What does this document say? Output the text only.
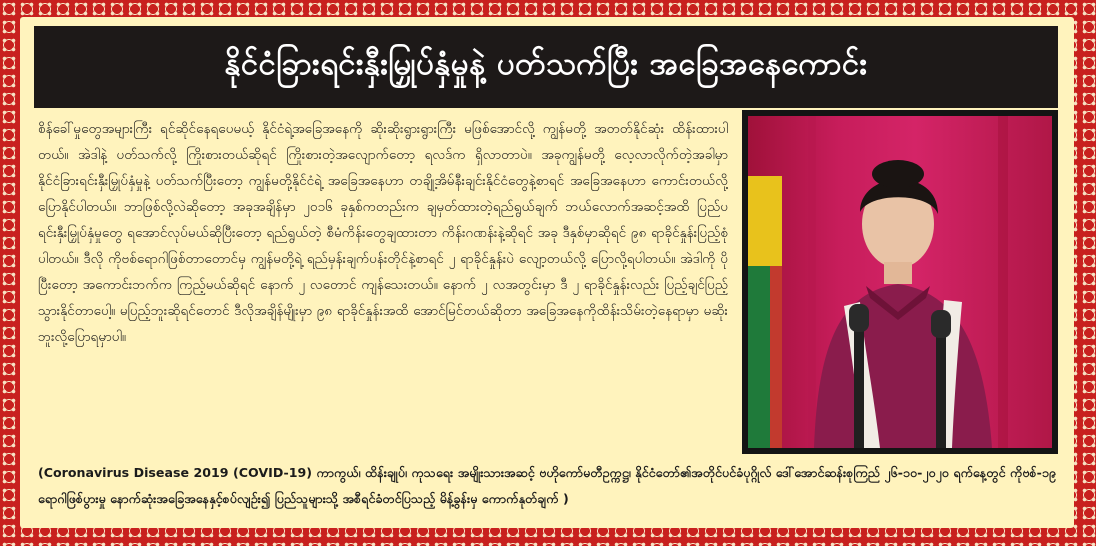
နိုင်ငံခြားရင်းနှီးမြှုပ်နှံမှုနဲ့ ပတ်သက်ပြီး အခြေအနေကောင်း

စိန်ခေါ်မှုတွေအများကြီး ရင်ဆိုင်နေရပေမယ့် နိုင်ငံရဲ့အခြေအနေကို ဆိုးဆိုးရွားရွားကြီး မဖြစ်အောင်လို့ ကျွန်မတို့ အတတ်နိုင်ဆုံး ထိန်းထားပါတယ်။ အဲဒါနဲ့ ပတ်သက်လို့ ကြိုးစားတယ်ဆိုရင် ကြိုးစားတဲ့အလျောက်တော့ ရလဒ်က ရှိလာတာပဲ။ အခုကျွန်မတို့ လေ့လာလိုက်တဲ့အခါမှာ နိုင်ငံခြားရင်းနှီးမြှုပ်နှံမှုနဲ့ ပတ်သက်ပြီးတော့ ကျွန်မတို့နိုင်ငံရဲ့ အခြေအနေဟာ တချို့အိမ်နီးချင်းနိုင်ငံတွေနဲ့စာရင် အခြေအနေဟာ ကောင်းတယ်လို့ ပြောနိုင်ပါတယ်။ ဘာဖြစ်လို့လဲဆိုတော့ အခုအချိန်မှာ ၂၀၁၆ ခုနှစ်ကတည်းက ချမှတ်ထားတဲ့ရည်ရွယ်ချက် ဘယ်လောက်အဆင့်အထိ ပြည်ပရင်းနှီးမြှုပ်နှံမှုတွေ ရအောင်လုပ်မယ်ဆိုပြီးတော့ ရည်ရွယ်တဲ့ စီမံကိန်းတွေချထားတာ ကိန်းဂဏန်းနဲ့ဆိုရင် အခု ဒီနှစ်မှာဆိုရင် ၉၈ ရာခိုင်နှုန်းပြည့်စုံပါတယ်။ ဒီလို ကိုဗစ်ရောဂါဖြစ်တာတောင်မှ ကျွန်မတို့ရဲ့ ရည်မှန်းချက်ပန်းတိုင်နဲ့စာရင် ၂ ရာခိုင်နှုန်းပဲ လျော့တယ်လို့ ပြောလို့ရပါတယ်။ အဲဒါကို ပိုပြီးတော့ အကောင်းဘက်က ကြည့်မယ်ဆိုရင် နောက် ၂ လတောင် ကျန်သေးတယ်။ နောက် ၂ လအတွင်းမှာ ဒီ ၂ ရာခိုင်နှုန်းလည်း ပြည့်ချင်ပြည့်သွားနိုင်တာပေါ့။ မပြည့်ဘူးဆိုရင်တောင် ဒီလိုအချိန်မျိုးမှာ ၉၈ ရာခိုင်နှုန်းအထိ အောင်မြင်တယ်ဆိုတာ အခြေအနေကိုထိန်းသိမ်းတဲ့နေရာမှာ မဆိုးဘူးလို့ပြောရမှာပါ။

(Coronavirus Disease 2019 (COVID-19) ကာကွယ်၊ ထိန်းချုပ်၊ ကုသရေး အမျိုးသားအဆင့် ဗဟိုကော်မတီဥက္ကဋ္ဌ၊ နိုင်ငံတော်၏အတိုင်ပင်ခံပုဂ္ဂိုလ် ဒေါ်အောင်ဆန်းစုကြည် ၂၆-၁၀-၂၀၂၀ ရက်နေ့တွင် ကိုဗစ်-၁၉ ရောဂါဖြစ်ပွားမှု နောက်ဆုံးအခြေအနေနှင့်စပ်လျဉ်း၍ ပြည်သူများသို့ အစီရင်ခံတင်ပြသည့် မိန့်ခွန်းမှ ကောက်နုတ်ချက် )
